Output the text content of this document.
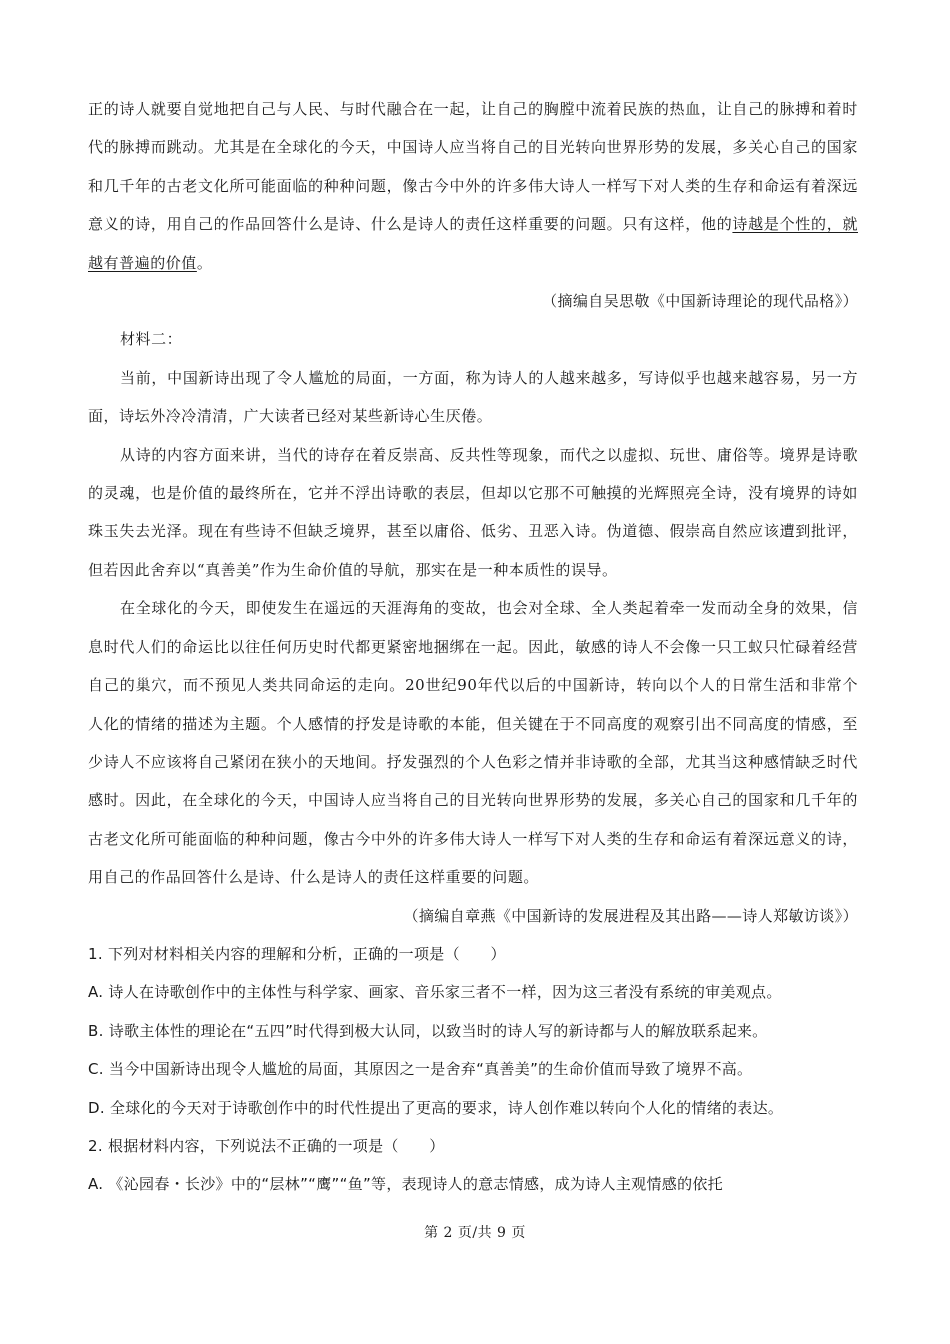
正的诗人就要自觉地把自己与人民、与时代融合在一起，让自己的胸膛中流着民族的热血，让自己的脉搏和着时代的脉搏而跳动。尤其是在全球化的今天，中国诗人应当将自己的目光转向世界形势的发展，多关心自己的国家和几千年的古老文化所可能面临的种种问题，像古今中外的许多伟大诗人一样写下对人类的生存和命运有着深远意义的诗，用自己的作品回答什么是诗、什么是诗人的责任这样重要的问题。只有这样，他的诗越是个性的，就越有普遍的价值。

（摘编自吴思敬《中国新诗理论的现代品格》）

材料二：

当前，中国新诗出现了令人尴尬的局面，一方面，称为诗人的人越来越多，写诗似乎也越来越容易，另一方面，诗坛外冷冷清清，广大读者已经对某些新诗心生厌倦。

从诗的内容方面来讲，当代的诗存在着反崇高、反共性等现象，而代之以虚拟、玩世、庸俗等。境界是诗歌的灵魂，也是价值的最终所在，它并不浮出诗歌的表层，但却以它那不可触摸的光辉照亮全诗，没有境界的诗如珠玉失去光泽。现在有些诗不但缺乏境界，甚至以庸俗、低劣、丑恶入诗。伪道德、假崇高自然应该遭到批评，但若因此舍弃以“真善美”作为生命价值的导航，那实在是一种本质性的误导。

在全球化的今天，即使发生在遥远的天涯海角的变故，也会对全球、全人类起着牵一发而动全身的效果，信息时代人们的命运比以往任何历史时代都更紧密地捆绑在一起。因此，敏感的诗人不会像一只工蚁只忙碌着经营自己的巢穴，而不预见人类共同命运的走向。20世纪90年代以后的中国新诗，转向以个人的日常生活和非常个人化的情绪的描述为主题。个人感情的抒发是诗歌的本能，但关键在于不同高度的观察引出不同高度的情感，至少诗人不应该将自己紧闭在狭小的天地间。抒发强烈的个人色彩之情并非诗歌的全部，尤其当这种感情缺乏时代感时。因此，在全球化的今天，中国诗人应当将自己的目光转向世界形势的发展，多关心自己的国家和几千年的古老文化所可能面临的种种问题，像古今中外的许多伟大诗人一样写下对人类的生存和命运有着深远意义的诗，用自己的作品回答什么是诗、什么是诗人的责任这样重要的问题。

（摘编自章燕《中国新诗的发展进程及其出路——诗人郑敏访谈》）

1. 下列对材料相关内容的理解和分析，正确的一项是（　　）

A. 诗人在诗歌创作中的主体性与科学家、画家、音乐家三者不一样，因为这三者没有系统的审美观点。

B. 诗歌主体性的理论在“五四”时代得到极大认同，以致当时的诗人写的新诗都与人的解放联系起来。

C. 当今中国新诗出现令人尴尬的局面，其原因之一是舍弃“真善美”的生命价值而导致了境界不高。

D. 全球化的今天对于诗歌创作中的时代性提出了更高的要求，诗人创作难以转向个人化的情绪的表达。

2. 根据材料内容，下列说法不正确的一项是（　　）

A. 《沁园春・长沙》中的“层林”“鹰”“鱼”等，表现诗人的意志情感，成为诗人主观情感的依托

第 2 页/共 9 页
